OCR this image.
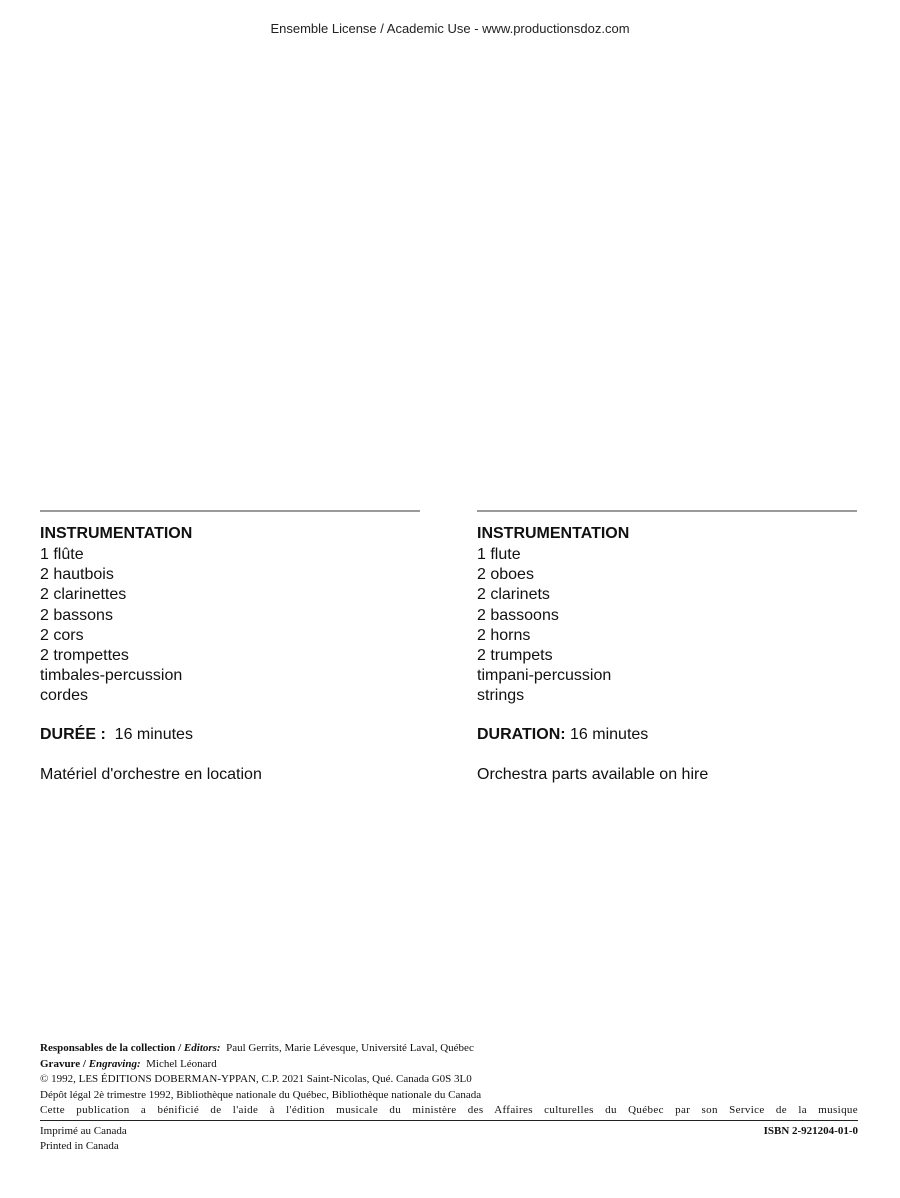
Ensemble License / Academic Use - www.productionsdoz.com
INSTRUMENTATION
1 flûte
2 hautbois
2 clarinettes
2 bassons
2 cors
2 trompettes
timbales-percussion
cordes
DURÉE : 16 minutes
Matériel d'orchestre en location
INSTRUMENTATION
1 flute
2 oboes
2 clarinets
2 bassoons
2 horns
2 trumpets
timpani-percussion
strings
DURATION: 16 minutes
Orchestra parts available on hire
Responsables de la collection / Editors: Paul Gerrits, Marie Lévesque, Université Laval, Québec
Gravure / Engraving: Michel Léonard
© 1992, LES ÉDITIONS DOBERMAN-YPPAN, C.P. 2021 Saint-Nicolas, Qué. Canada G0S 3L0
Dépôt légal 2è trimestre 1992, Bibliothèque nationale du Québec, Bibliothèque nationale du Canada
Cette publication a bénificié de l'aide à l'édition musicale du ministère des Affaires culturelles du Québec par son Service de la musique
Imprimé au Canada
Printed in Canada
ISBN 2-921204-01-0
